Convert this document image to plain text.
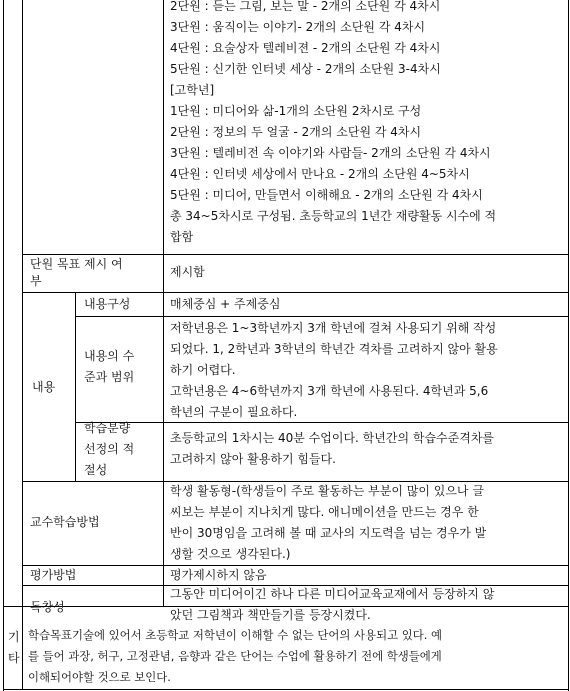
2단원 : 듣는 그림, 보는 말 - 2개의 소단원 각 4차시
3단원 : 움직이는 이야기- 2개의 소단원 각 4차시
4단원 : 요술상자 텔레비젼 - 2개의 소단원 각 4차시
5단원 : 신기한 인터넷 세상 - 2개의 소단원 3-4차시
[고학년]
1단원 : 미디어와 삶-1개의 소단원 2차시로 구성
2단원 : 정보의 두 얼굴 - 2개의 소단원 각 4차시
3단원 : 텔레비전 속 이야기와 사람들- 2개의 소단원 각 4차시
4단원 : 인터넷 세상에서 만나요 - 2개의 소단원 4~5차시
5단원 : 미디어, 만들면서 이해해요 - 2개의 소단원 각 4차시
총 34~5차시로 구성됨. 초등학교의 1년간 재량활동 시수에 적
합함
단원 목표 제시 여
부
제시함
내용
내용구성	매체중심 + 주제중심
내용의 수
준과 범위
저학년용은 1~3학년까지 3개 학년에 걸쳐 사용되기 위해 작성
되었다. 1, 2학년과 3학년의 학년간 격차를 고려하지 않아 활용
하기 어렵다.
고학년용은 4~6학년까지 3개 학년에 사용된다. 4학년과 5,6
학년의 구분이 필요하다.
학습분량
선정의 적
절성
초등학교의 1차시는 40분 수업이다. 학년간의 학습수준격차를
고려하지 않아 활용하기 힘들다.
교수학습방법
학생 활동형-(학생들이 주로 활동하는 부분이 많이 있으나 글
씨보는 부분이 지나치게 많다. 애니메이션을 만드는 경우 한
반이 30명임을 고려해 볼 때 교사의 지도력을 넘는 경우가 발
생할 것으로 생각된다.)
평가방법	평가제시하지 않음
독창성
그동안 미디어이긴 하나 다른 미디어교육교재에서 등장하지 않
았던 그림책과 책만들기를 등장시켰다.
기
타
학습목표기술에 있어서 초등학교 저학년이 이해할 수 없는 단어의 사용되고 있다. 예
를 들어 과장, 허구, 고정관념, 음향과 같은 단어는 수업에 활용하기 전에 학생들에게
이해되어야할 것으로 보인다.
